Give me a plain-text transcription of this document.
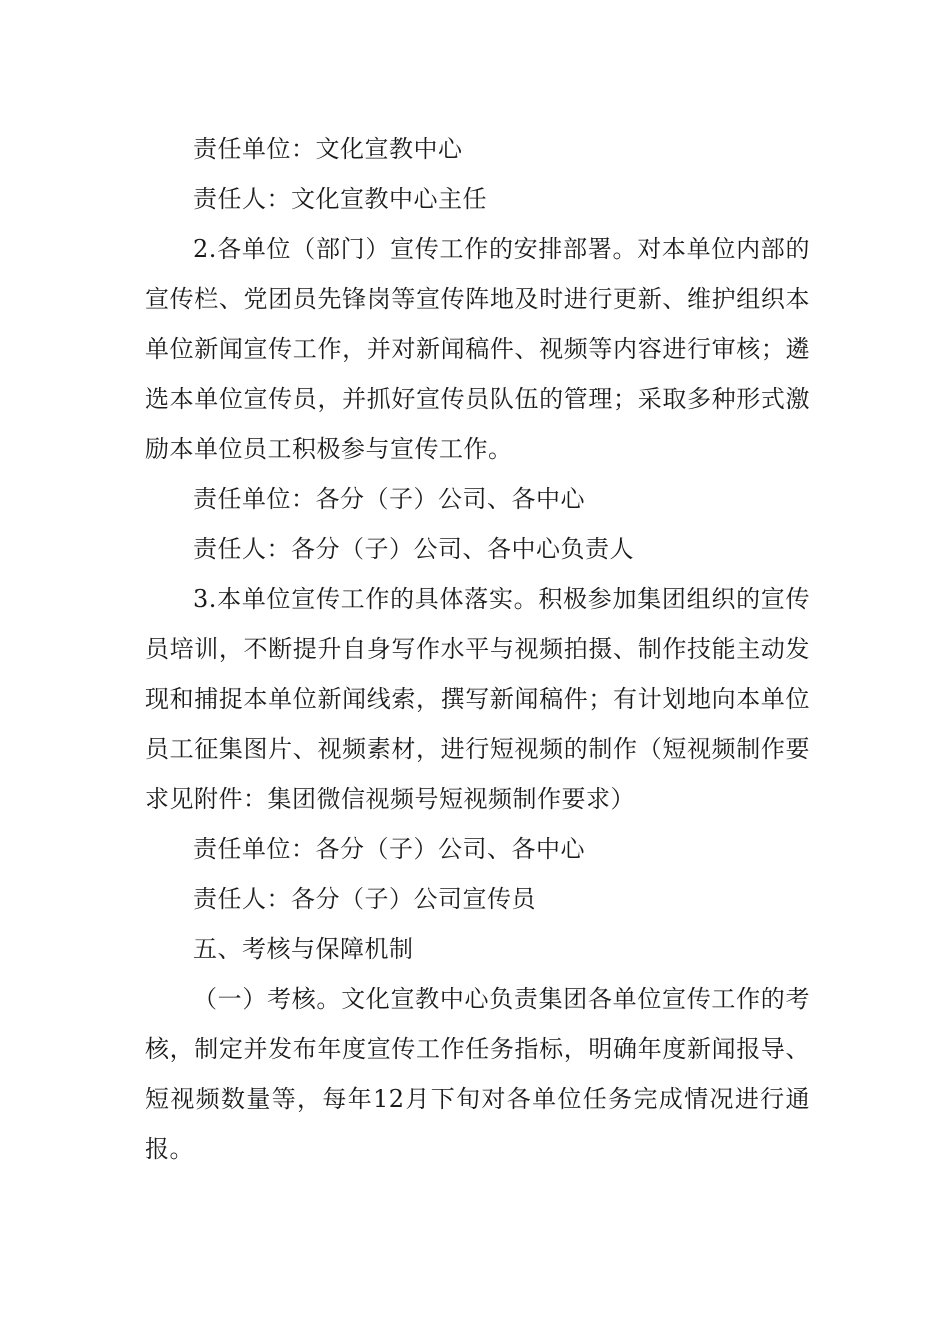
责任单位：文化宣教中心

责任人：文化宣教中心主任

2.各单位（部门）宣传工作的安排部署。对本单位内部的宣传栏、党团员先锋岗等宣传阵地及时进行更新、维护组织本单位新闻宣传工作，并对新闻稿件、视频等内容进行审核；遴选本单位宣传员，并抓好宣传员队伍的管理；采取多种形式激励本单位员工积极参与宣传工作。

责任单位：各分（子）公司、各中心

责任人：各分（子）公司、各中心负责人

3.本单位宣传工作的具体落实。积极参加集团组织的宣传员培训，不断提升自身写作水平与视频拍摄、制作技能主动发现和捕捉本单位新闻线索，撰写新闻稿件；有计划地向本单位员工征集图片、视频素材，进行短视频的制作（短视频制作要求见附件：集团微信视频号短视频制作要求）

责任单位：各分（子）公司、各中心

责任人：各分（子）公司宣传员

五、考核与保障机制

（一）考核。文化宣教中心负责集团各单位宣传工作的考核，制定并发布年度宣传工作任务指标，明确年度新闻报导、短视频数量等，每年12月下旬对各单位任务完成情况进行通报。
